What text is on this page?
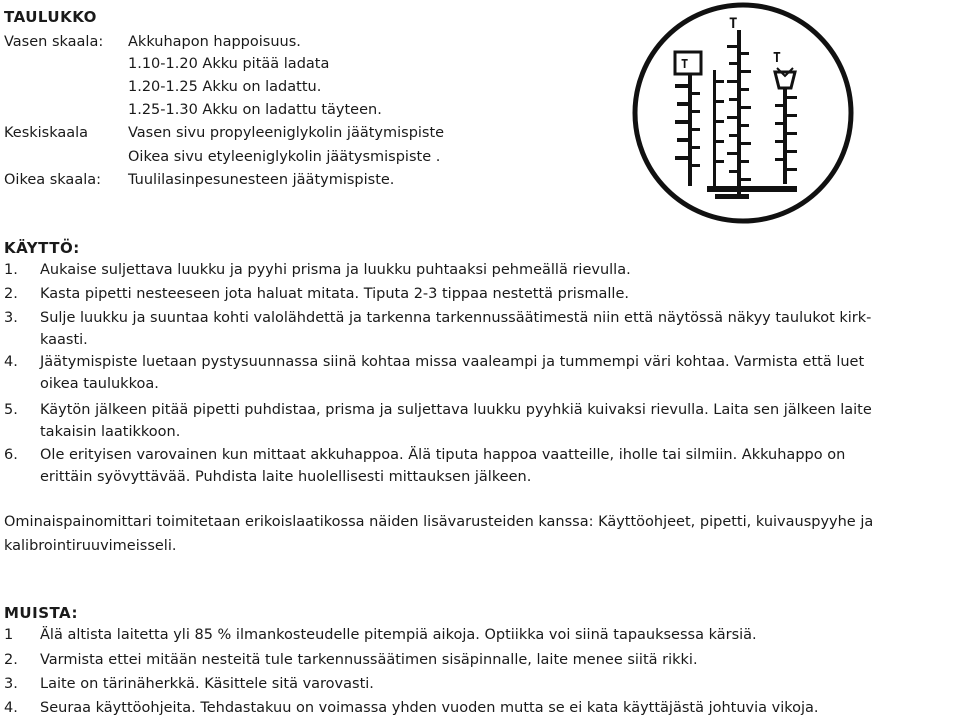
TAULUKKO
Vasen skaala: Akkuhapon happoisuus.
1.10-1.20 Akku pitää ladata
1.20-1.25 Akku on ladattu.
1.25-1.30 Akku on ladattu täyteen.
Keskiskaala	Vasen sivu propyleeniglykolin jäätymispiste
Oikea sivu etyleeniglykolin jäätysmispiste .
Oikea skaala: Tuulilasinpesunesteen jäätymispiste.
T
T	T
KÄYTTÖ:
1. Aukaise suljettava luukku ja pyyhi prisma ja luukku puhtaaksi pehmeällä rievulla.
2. Kasta pipetti nesteeseen jota haluat mitata. Tiputa 2-3 tippaa nestettä prismalle.
3. Sulje luukku ja suuntaa kohti valolähdettä ja tarkenna tarkennussäätimestä niin että näytössä näkyy taulukot kirk-
kaasti.
4. Jäätymispiste luetaan pystysuunnassa siinä kohtaa missa vaaleampi ja tummempi väri kohtaa. Varmista että luet
oikea taulukkoa.
5. Käytön jälkeen pitää pipetti puhdistaa, prisma ja suljettava luukku pyyhkiä kuivaksi rievulla. Laita sen jälkeen laite
takaisin laatikkoon.
6. Ole erityisen varovainen kun mittaat akkuhappoa. Älä tiputa happoa vaatteille, iholle tai silmiin. Akkuhappo on
erittäin syövyttävää. Puhdista laite huolellisesti mittauksen jälkeen.
Ominaispainomittari toimitetaan erikoislaatikossa näiden lisävarusteiden kanssa: Käyttöohjeet, pipetti, kuivauspyyhe ja
kalibrointiruuvimeisseli.
MUISTA:
1 Älä altista laitetta yli 85 % ilmankosteudelle pitempiä aikoja. Optiikka voi siinä tapauksessa kärsiä.
2. Varmista ettei mitään nesteitä tule tarkennussäätimen sisäpinnalle, laite menee siitä rikki.
3. Laite on tärinäherkkä. Käsittele sitä varovasti.
4. Seuraa käyttöohjeita. Tehdastakuu on voimassa yhden vuoden mutta se ei kata käyttäjästä johtuvia vikoja.
